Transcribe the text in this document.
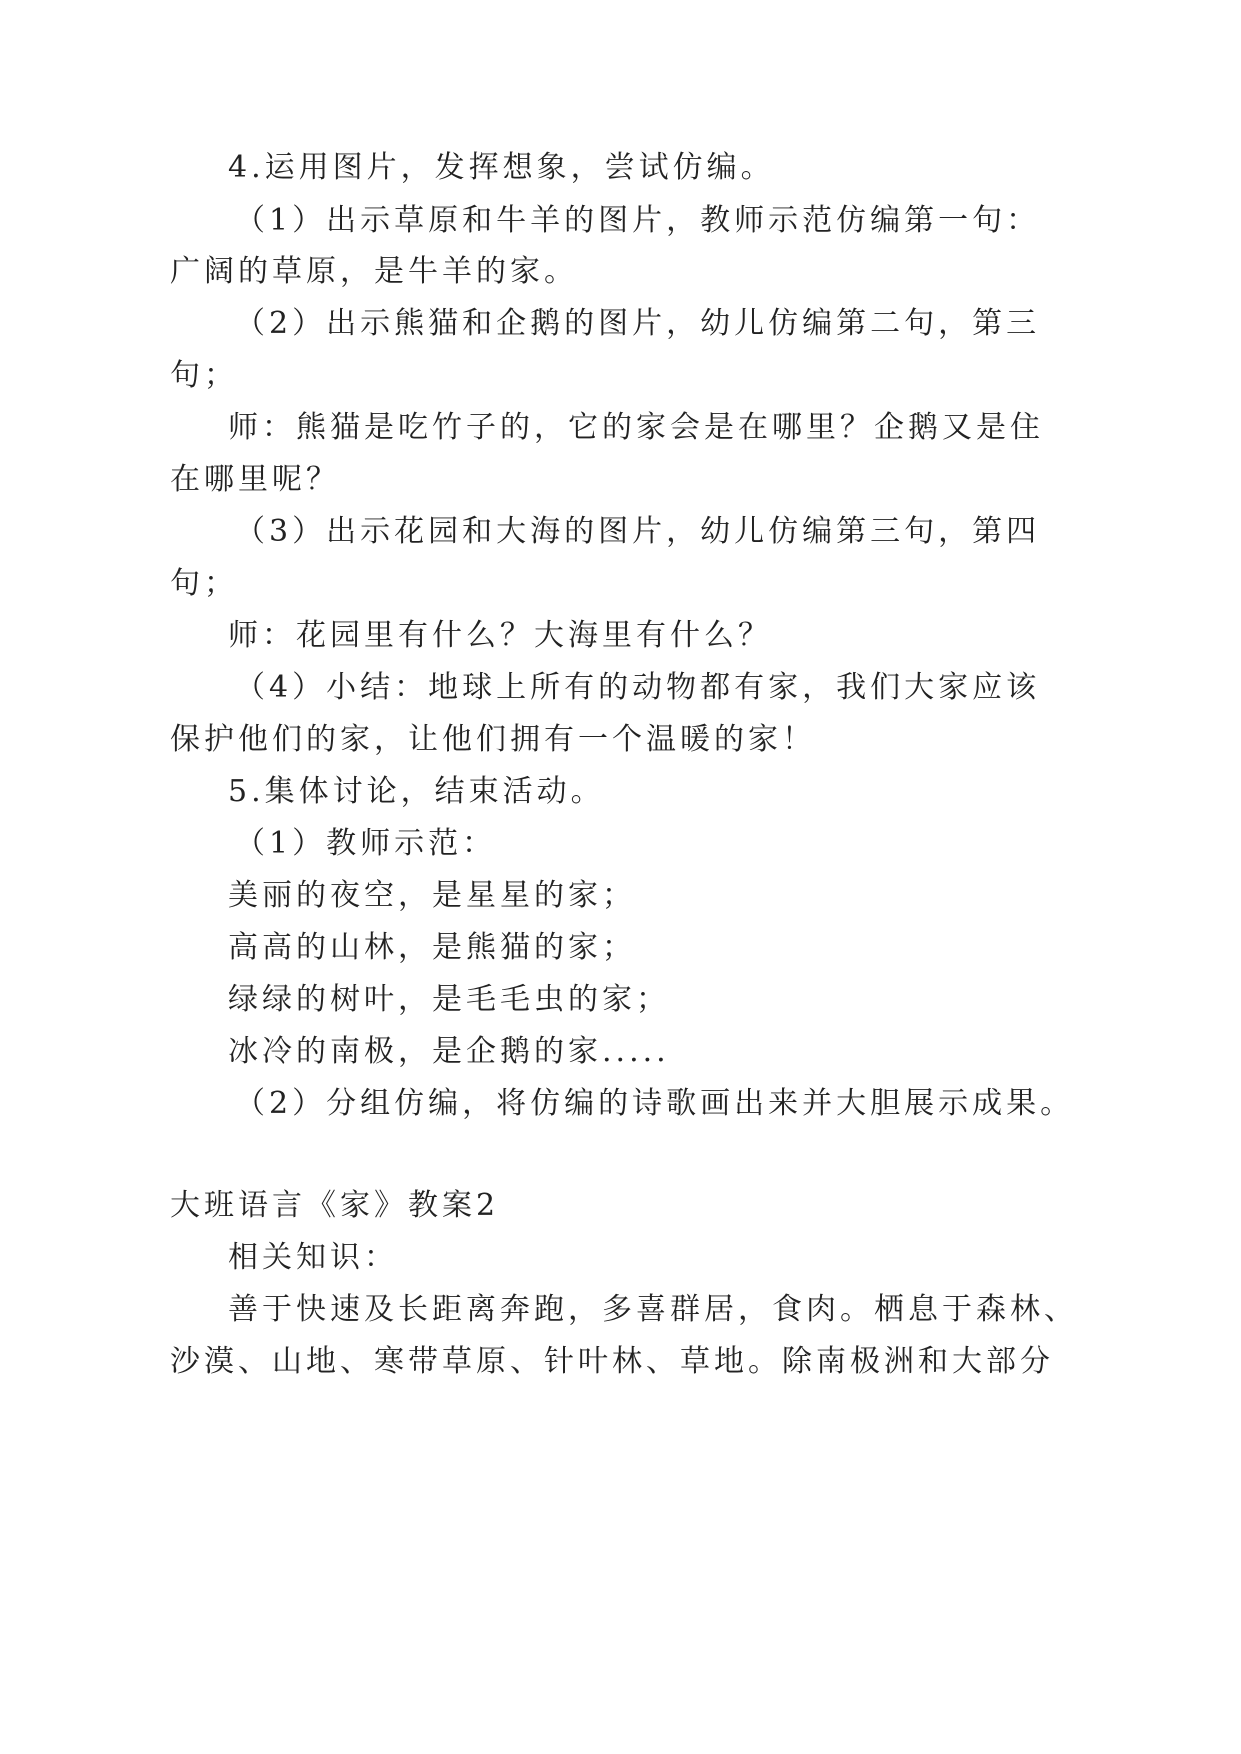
4.运用图片，发挥想象，尝试仿编。
（1）出示草原和牛羊的图片，教师示范仿编第一句：
广阔的草原，是牛羊的家。
（2）出示熊猫和企鹅的图片，幼儿仿编第二句，第三
句；
师：熊猫是吃竹子的，它的家会是在哪里？企鹅又是住
在哪里呢？
（3）出示花园和大海的图片，幼儿仿编第三句，第四
句；
师：花园里有什么？大海里有什么？
（4）小结：地球上所有的动物都有家，我们大家应该
保护他们的家，让他们拥有一个温暖的家！
5.集体讨论，结束活动。
（1）教师示范：
美丽的夜空，是星星的家；
高高的山林，是熊猫的家；
绿绿的树叶，是毛毛虫的家；
冰冷的南极，是企鹅的家.....
（2）分组仿编，将仿编的诗歌画出来并大胆展示成果。
大班语言《家》教案2
相关知识：
善于快速及长距离奔跑，多喜群居，食肉。栖息于森林、
沙漠、山地、寒带草原、针叶林、草地。除南极洲和大部分
